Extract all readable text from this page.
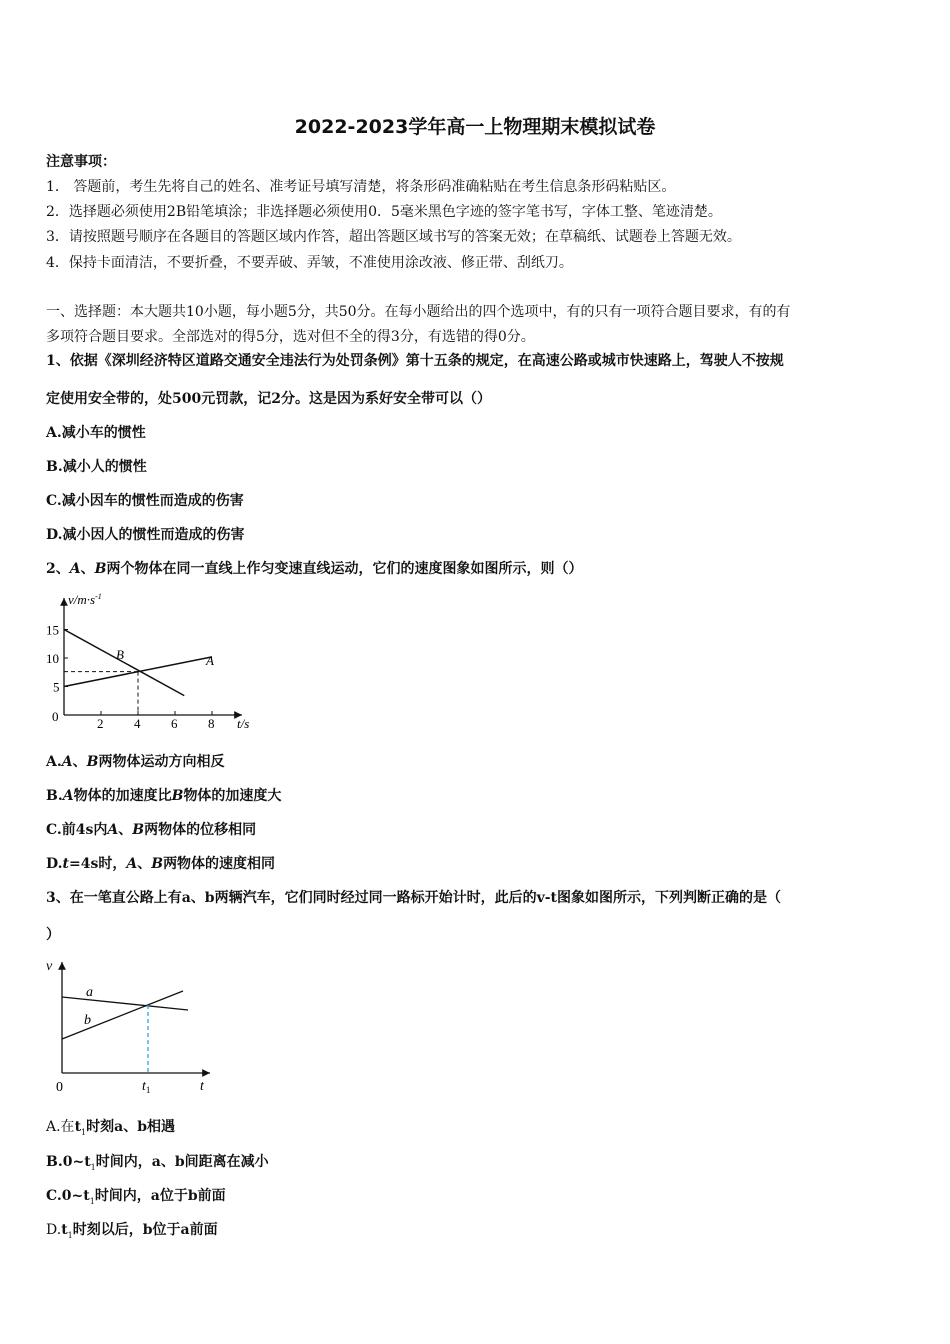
2022-2023学年高一上物理期末模拟试卷
注意事项：
1． 答题前，考生先将自己的姓名、准考证号填写清楚，将条形码准确粘贴在考生信息条形码粘贴区。
2．选择题必须使用2B铅笔填涂；非选择题必须使用0．5毫米黑色字迹的签字笔书写，字体工整、笔迹清楚。
3．请按照题号顺序在各题目的答题区域内作答，超出答题区域书写的答案无效；在草稿纸、试题卷上答题无效。
4．保持卡面清洁，不要折叠，不要弄破、弄皱，不准使用涂改液、修正带、刮纸刀。
一、选择题：本大题共10小题，每小题5分，共50分。在每小题给出的四个选项中，有的只有一项符合题目要求，有的有
多项符合题目要求。全部选对的得5分，选对但不全的得3分，有选错的得0分。
1、依据《深圳经济特区道路交通安全违法行为处罚条例》第十五条的规定，在高速公路或城市快速路上，驾驶人不按规
定使用安全带的，处500元罚款，记2分。这是因为系好安全带可以（）
A.减小车的惯性
B.减小人的惯性
C.减小因车的惯性而造成的伤害
D.减小因人的惯性而造成的伤害
2、A、B两个物体在同一直线上作匀变速直线运动，它们的速度图象如图所示，则（）
$v/m\cdot s^{-1}$
t/s
0	2 4 6 8
5
10
15
A
B
A.A、B两物体运动方向相反
B.A物体的加速度比B物体的加速度大
C.前4s内A、B两物体的位移相同
D.t=4s时，A、B两物体的速度相同
3、在一笔直公路上有a、b两辆汽车，它们同时经过同一路标开始计时，此后的v-t图象如图所示，下列判断正确的是（
）
v
t
0
a
b
$t_1$
A.在$t_1$时刻a、b相遇
$B.0\sim t_1$时间内，a、b间距离在减小
$C.0\sim t_1$时间内，a位于b前面
$D.t_1$时刻以后，b位于a前面
